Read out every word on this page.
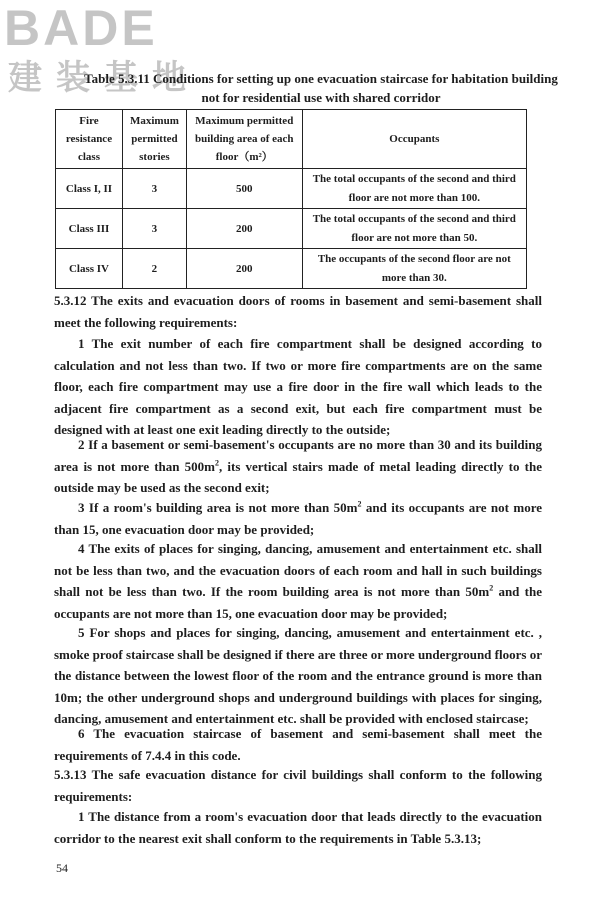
BADE
建装基地
Table 5.3.11 Conditions for setting up one evacuation staircase for habitation building
not for residential use with shared corridor
Fire resistance class	Maximum permitted stories	Maximum permitted building area of each floor（m²）	Occupants
Class I, II	3	500	The total occupants of the second and third floor are not more than 100.
Class III	3	200	The total occupants of the second and third floor are not more than 50.
Class IV	2	200	The occupants of the second floor are not more than 30.
5.3.12 The exits and evacuation doors of rooms in basement and semi-basement shall meet the following requirements:
1 The exit number of each fire compartment shall be designed according to calculation and not less than two. If two or more fire compartments are on the same floor, each fire compartment may use a fire door in the fire wall which leads to the adjacent fire compartment as a second exit, but each fire compartment must be designed with at least one exit leading directly to the outside;
2 If a basement or semi-basement's occupants are no more than 30 and its building area is not more than $500m^2$, its vertical stairs made of metal leading directly to the outside may be used as the second exit;
3 If a room's building area is not more than $50m^2$ and its occupants are not more than 15, one evacuation door may be provided;
4 The exits of places for singing, dancing, amusement and entertainment etc. shall not be less than two, and the evacuation doors of each room and hall in such buildings shall not be less than two. If the room building area is not more than $50m^2$ and the occupants are not more than 15, one evacuation door may be provided;
5 For shops and places for singing, dancing, amusement and entertainment etc. , smoke proof staircase shall be designed if there are three or more underground floors or the distance between the lowest floor of the room and the entrance ground is more than 10m; the other underground shops and underground buildings with places for singing, dancing, amusement and entertainment etc. shall be provided with enclosed staircase;
6 The evacuation staircase of basement and semi-basement shall meet the requirements of 7.4.4 in this code.
5.3.13 The safe evacuation distance for civil buildings shall conform to the following requirements:
1 The distance from a room's evacuation door that leads directly to the evacuation corridor to the nearest exit shall conform to the requirements in Table 5.3.13;
54
